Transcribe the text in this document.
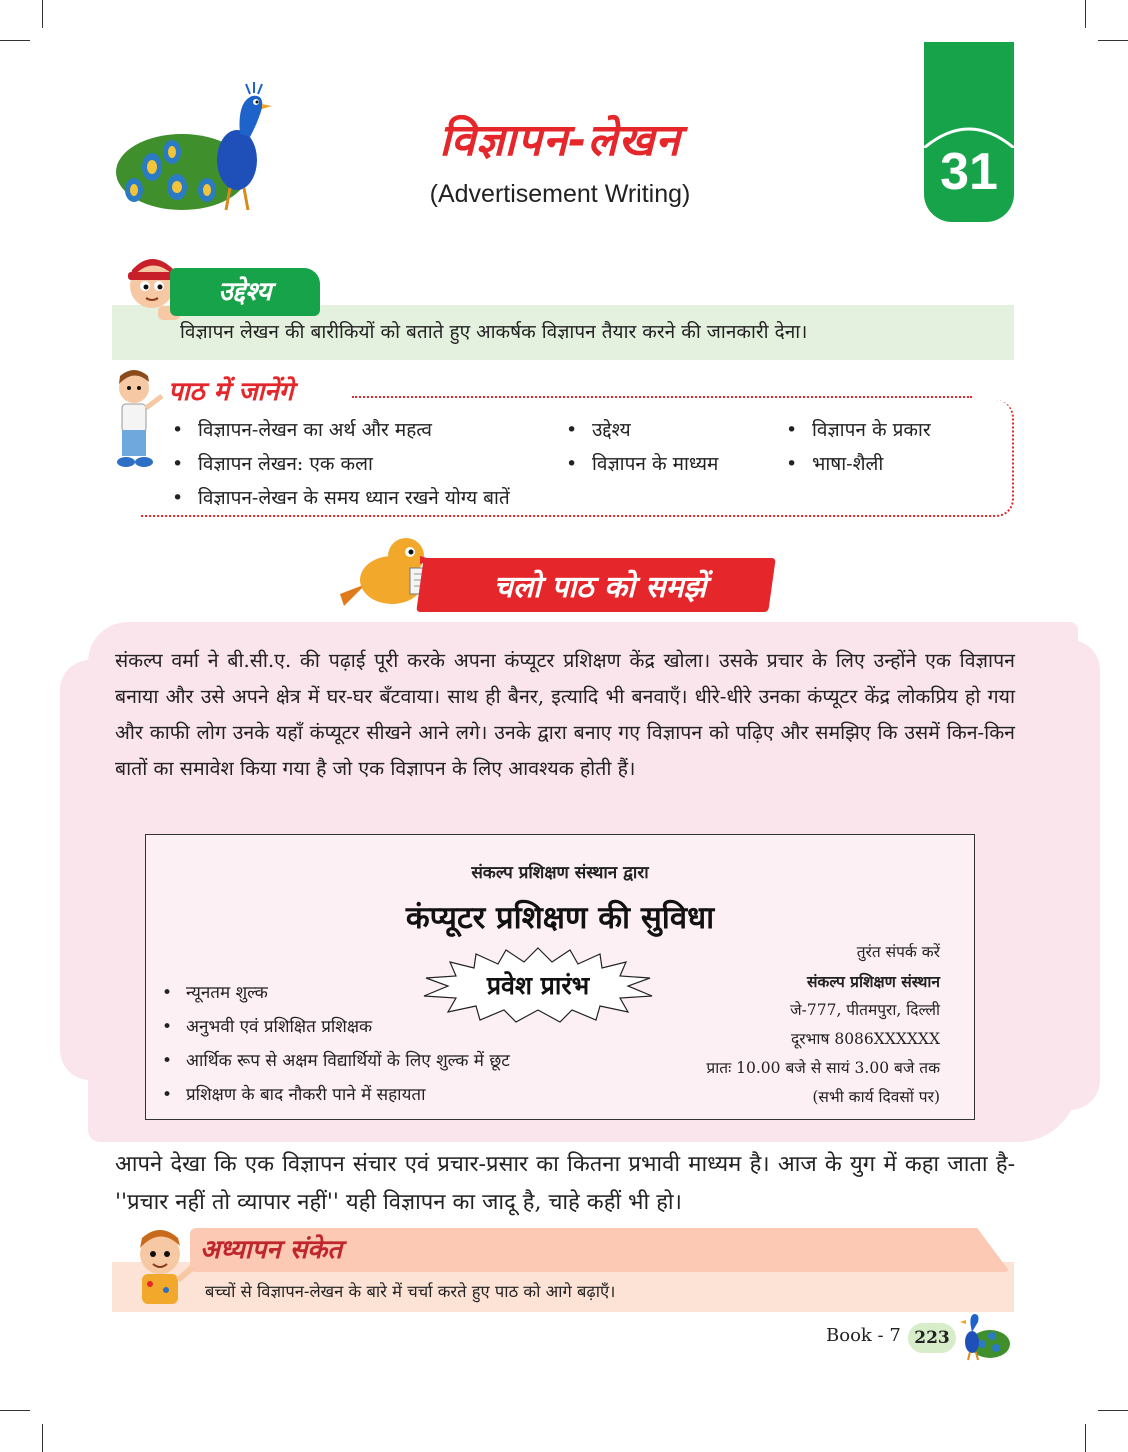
विज्ञापन-लेखन
(Advertisement Writing)	31
उद्देश्य
विज्ञापन लेखन की बारीकियों को बताते हुए आकर्षक विज्ञापन तैयार करने की जानकारी देना।
पाठ में जानेंगे
• विज्ञापन-लेखन का अर्थ और महत्व	• उद्देश्य	• विज्ञापन के प्रकार
• विज्ञापन लेखन: एक कला	• विज्ञापन के माध्यम	• भाषा-शैली
• विज्ञापन-लेखन के समय ध्यान रखने योग्य बातें
चलो पाठ को समझें
संकल्प वर्मा ने बी.सी.ए. की पढ़ाई पूरी करके अपना कंप्यूटर प्रशिक्षण केंद्र खोला। उसके प्रचार के लिए उन्होंने एक विज्ञापन बनाया और उसे अपने क्षेत्र में घर-घर बँटवाया। साथ ही बैनर, इत्यादि भी बनवाएँ। धीरे-धीरे उनका कंप्यूटर केंद्र लोकप्रिय हो गया और काफी लोग उनके यहाँ कंप्यूटर सीखने आने लगे। उनके द्वारा बनाए गए विज्ञापन को पढ़िए और समझिए कि उसमें किन-किन बातों का समावेश किया गया है जो एक विज्ञापन के लिए आवश्यक होती हैं।
संकल्प प्रशिक्षण संस्थान द्वारा
कंप्यूटर प्रशिक्षण की सुविधा
• न्यूनतम शुल्क
• अनुभवी एवं प्रशिक्षित प्रशिक्षक
• आर्थिक रूप से अक्षम विद्यार्थियों के लिए शुल्क में छूट
• प्रशिक्षण के बाद नौकरी पाने में सहायता
प्रवेश प्रारंभ
तुरंत संपर्क करें
संकल्प प्रशिक्षण संस्थान
जे-777, पीतमपुरा, दिल्ली
दूरभाष 8086XXXXXX
प्रातः 10.00 बजे से सायं 3.00 बजे तक
(सभी कार्य दिवसों पर)
आपने देखा कि एक विज्ञापन संचार एवं प्रचार-प्रसार का कितना प्रभावी माध्यम है। आज के युग में कहा जाता है- ''प्रचार नहीं तो व्यापार नहीं'' यही विज्ञापन का जादू है, चाहे कहीं भी हो।
अध्यापन संकेत
बच्चों से विज्ञापन-लेखन के बारे में चर्चा करते हुए पाठ को आगे बढ़ाएँ।
Book - 7 223
